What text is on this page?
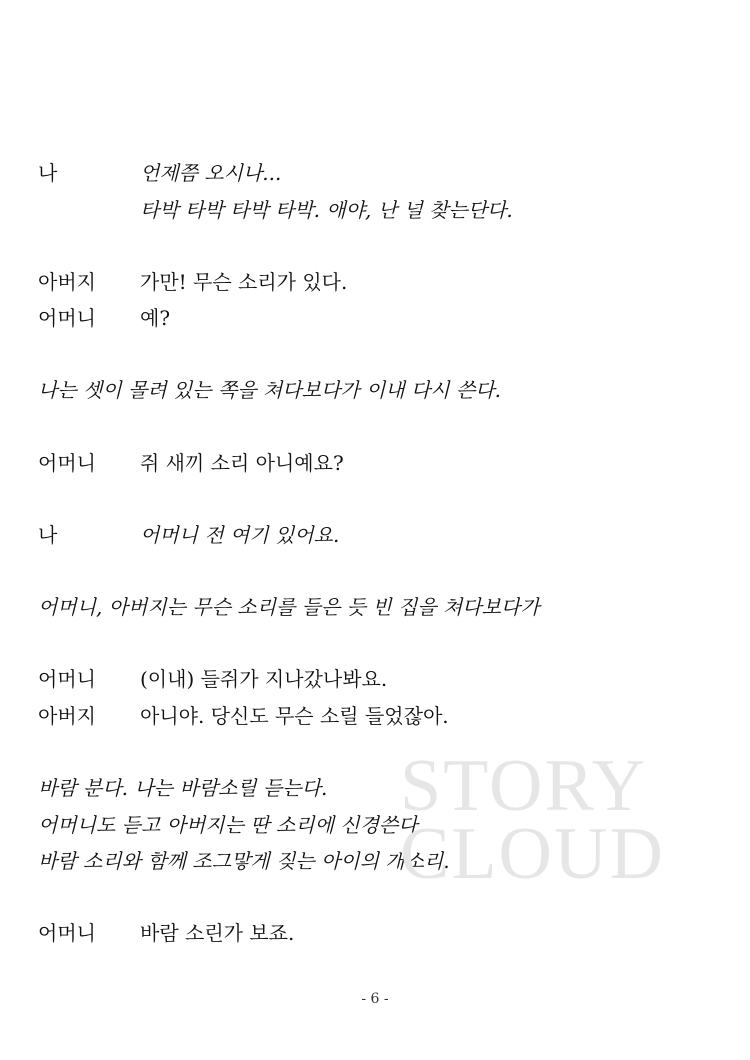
나	언제쯤 오시나...
타박 타박 타박 타박. 애야, 난 널 찾는단다.
아버지 가만! 무슨 소리가 있다.
어머니 예?
나는 셋이 몰려 있는 쪽을 쳐다보다가 이내 다시 쓴다.
어머니 쥐 새끼 소리 아니예요?
나	어머니 전 여기 있어요.
어머니, 아버지는 무슨 소리를 들은 듯 빈 집을 쳐다보다가
어머니 (이내) 들쥐가 지나갔나봐요.
아버지 아니야. 당신도 무슨 소릴 들었잖아.
바람 분다. 나는 바람소릴 듣는다.
어머니도 듣고 아버지는 딴 소리에 신경쓴다.
바람 소리와 함께 조그맣게 짖는 아이의 개소리.
어머니 바람 소린가 보죠.
STORY
CLOUD
- 6 -
